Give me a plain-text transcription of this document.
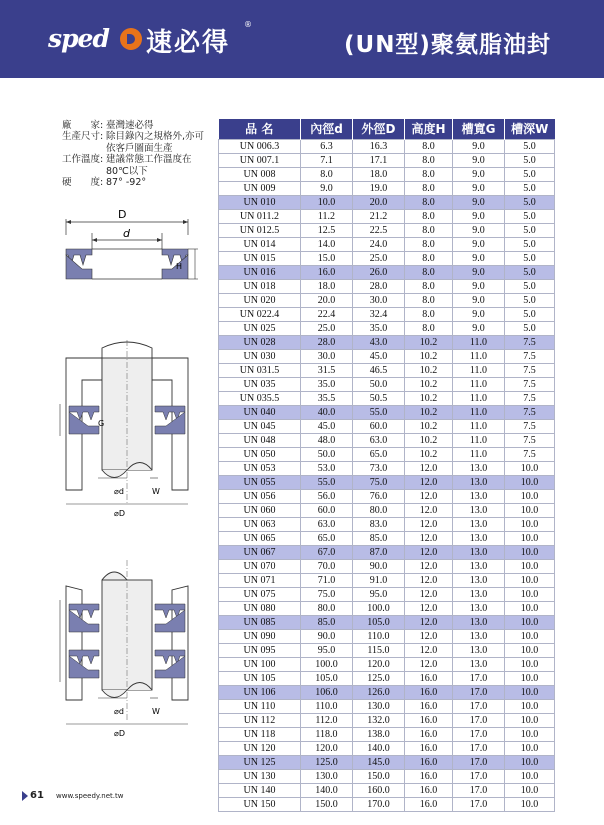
sped 速必得
®
(UN型)聚氨脂油封
廠　　家: 臺灣速必得
生產尺寸: 除目錄內之規格外,亦可依客戶圖面生產
工作溫度: 建議常態工作溫度在80℃以下
硬　　度: 87° -92°
D
d
H
G
⌀d	W
⌀D
⌀d	W
⌀D
品 名	內徑d	外徑D	高度H	槽寬G	槽深W
UN 006.3	6.3	16.3	8.0	9.0	5.0
UN 007.1	7.1	17.1	8.0	9.0	5.0
UN 008	8.0	18.0	8.0	9.0	5.0
UN 009	9.0	19.0	8.0	9.0	5.0
UN 010	10.0	20.0	8.0	9.0	5.0
UN 011.2	11.2	21.2	8.0	9.0	5.0
UN 012.5	12.5	22.5	8.0	9.0	5.0
UN 014	14.0	24.0	8.0	9.0	5.0
UN 015	15.0	25.0	8.0	9.0	5.0
UN 016	16.0	26.0	8.0	9.0	5.0
UN 018	18.0	28.0	8.0	9.0	5.0
UN 020	20.0	30.0	8.0	9.0	5.0
UN 022.4	22.4	32.4	8.0	9.0	5.0
UN 025	25.0	35.0	8.0	9.0	5.0
UN 028	28.0	43.0	10.2	11.0	7.5
UN 030	30.0	45.0	10.2	11.0	7.5
UN 031.5	31.5	46.5	10.2	11.0	7.5
UN 035	35.0	50.0	10.2	11.0	7.5
UN 035.5	35.5	50.5	10.2	11.0	7.5
UN 040	40.0	55.0	10.2	11.0	7.5
UN 045	45.0	60.0	10.2	11.0	7.5
UN 048	48.0	63.0	10.2	11.0	7.5
UN 050	50.0	65.0	10.2	11.0	7.5
UN 053	53.0	73.0	12.0	13.0	10.0
UN 055	55.0	75.0	12.0	13.0	10.0
UN 056	56.0	76.0	12.0	13.0	10.0
UN 060	60.0	80.0	12.0	13.0	10.0
UN 063	63.0	83.0	12.0	13.0	10.0
UN 065	65.0	85.0	12.0	13.0	10.0
UN 067	67.0	87.0	12.0	13.0	10.0
UN 070	70.0	90.0	12.0	13.0	10.0
UN 071	71.0	91.0	12.0	13.0	10.0
UN 075	75.0	95.0	12.0	13.0	10.0
UN 080	80.0	100.0	12.0	13.0	10.0
UN 085	85.0	105.0	12.0	13.0	10.0
UN 090	90.0	110.0	12.0	13.0	10.0
UN 095	95.0	115.0	12.0	13.0	10.0
UN 100	100.0	120.0	12.0	13.0	10.0
UN 105	105.0	125.0	16.0	17.0	10.0
UN 106	106.0	126.0	16.0	17.0	10.0
UN 110	110.0	130.0	16.0	17.0	10.0
UN 112	112.0	132.0	16.0	17.0	10.0
UN 118	118.0	138.0	16.0	17.0	10.0
UN 120	120.0	140.0	16.0	17.0	10.0
UN 125	125.0	145.0	16.0	17.0	10.0
UN 130	130.0	150.0	16.0	17.0	10.0
UN 140	140.0	160.0	16.0	17.0	10.0
UN 150	150.0	170.0	16.0	17.0	10.0
61 www.speedy.net.tw
